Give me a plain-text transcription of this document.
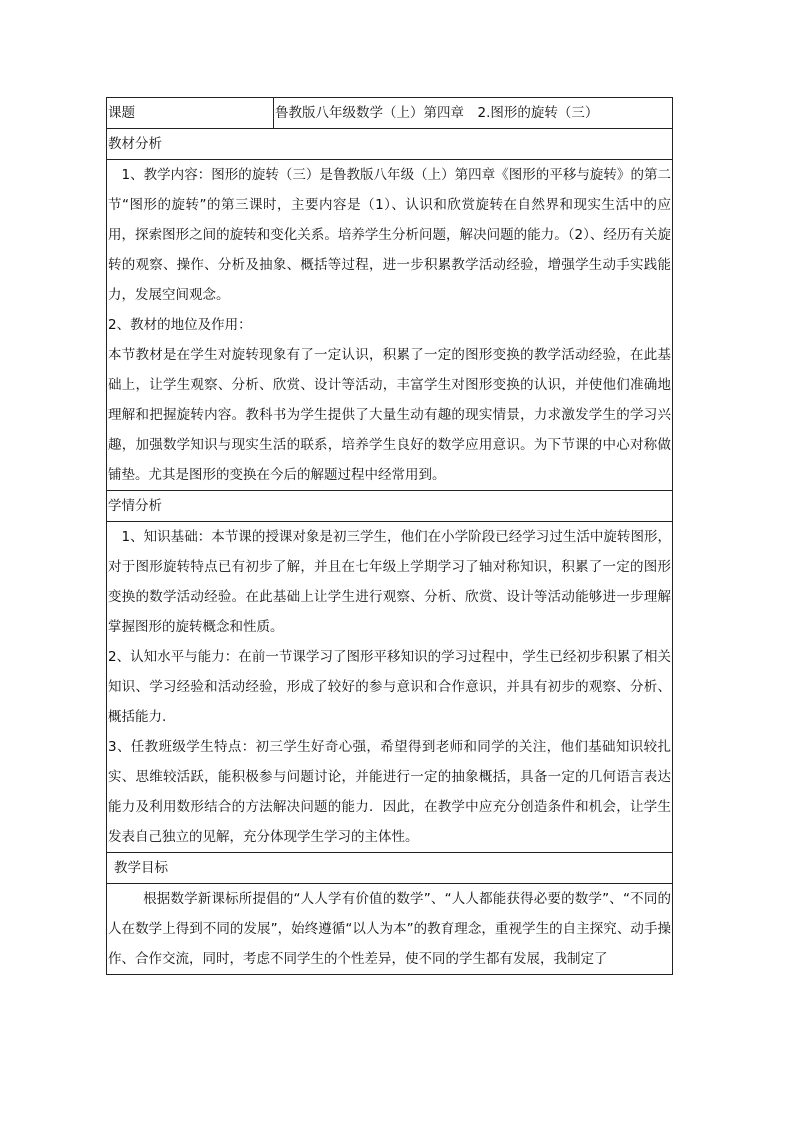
课题	鲁教版八年级数学（上）第四章　2.图形的旋转（三）
教材分析

1、教学内容：图形的旋转（三）是鲁教版八年级（上）第四章《图形的平移与旋转》的第二节“图形的旋转”的第三课时，主要内容是（1）、认识和欣赏旋转在自然界和现实生活中的应用，探索图形之间的旋转和变化关系。培养学生分析问题，解决问题的能力。（2）、经历有关旋转的观察、操作、分析及抽象、概括等过程，进一步积累教学活动经验，增强学生动手实践能力，发展空间观念。

2、教材的地位及作用：

本节教材是在学生对旋转现象有了一定认识，积累了一定的图形变换的教学活动经验，在此基础上，让学生观察、分析、欣赏、设计等活动，丰富学生对图形变换的认识，并使他们准确地理解和把握旋转内容。教科书为学生提供了大量生动有趣的现实情景，力求激发学生的学习兴趣，加强数学知识与现实生活的联系，培养学生良好的数学应用意识。为下节课的中心对称做铺垫。尤其是图形的变换在今后的解题过程中经常用到。

学情分析

1、知识基础：本节课的授课对象是初三学生，他们在小学阶段已经学习过生活中旋转图形，对于图形旋转特点已有初步了解，并且在七年级上学期学习了轴对称知识，积累了一定的图形变换的数学活动经验。在此基础上让学生进行观察、分析、欣赏、设计等活动能够进一步理解掌握图形的旋转概念和性质。

2、认知水平与能力：在前一节课学习了图形平移知识的学习过程中，学生已经初步积累了相关知识、学习经验和活动经验，形成了较好的参与意识和合作意识，并具有初步的观察、分析、概括能力.

3、任教班级学生特点：初三学生好奇心强，希望得到老师和同学的关注，他们基础知识较扎实、思维较活跃，能积极参与问题讨论，并能进行一定的抽象概括，具备一定的几何语言表达能力及利用数形结合的方法解决问题的能力．因此，在教学中应充分创造条件和机会，让学生发表自己独立的见解，充分体现学生学习的主体性。

教学目标

根据数学新课标所提倡的“人人学有价值的数学”、“人人都能获得必要的数学”、“不同的人在数学上得到不同的发展”，始终遵循“以人为本”的教育理念，重视学生的自主探究、动手操作、合作交流，同时，考虑不同学生的个性差异，使不同的学生都有发展，我制定了
